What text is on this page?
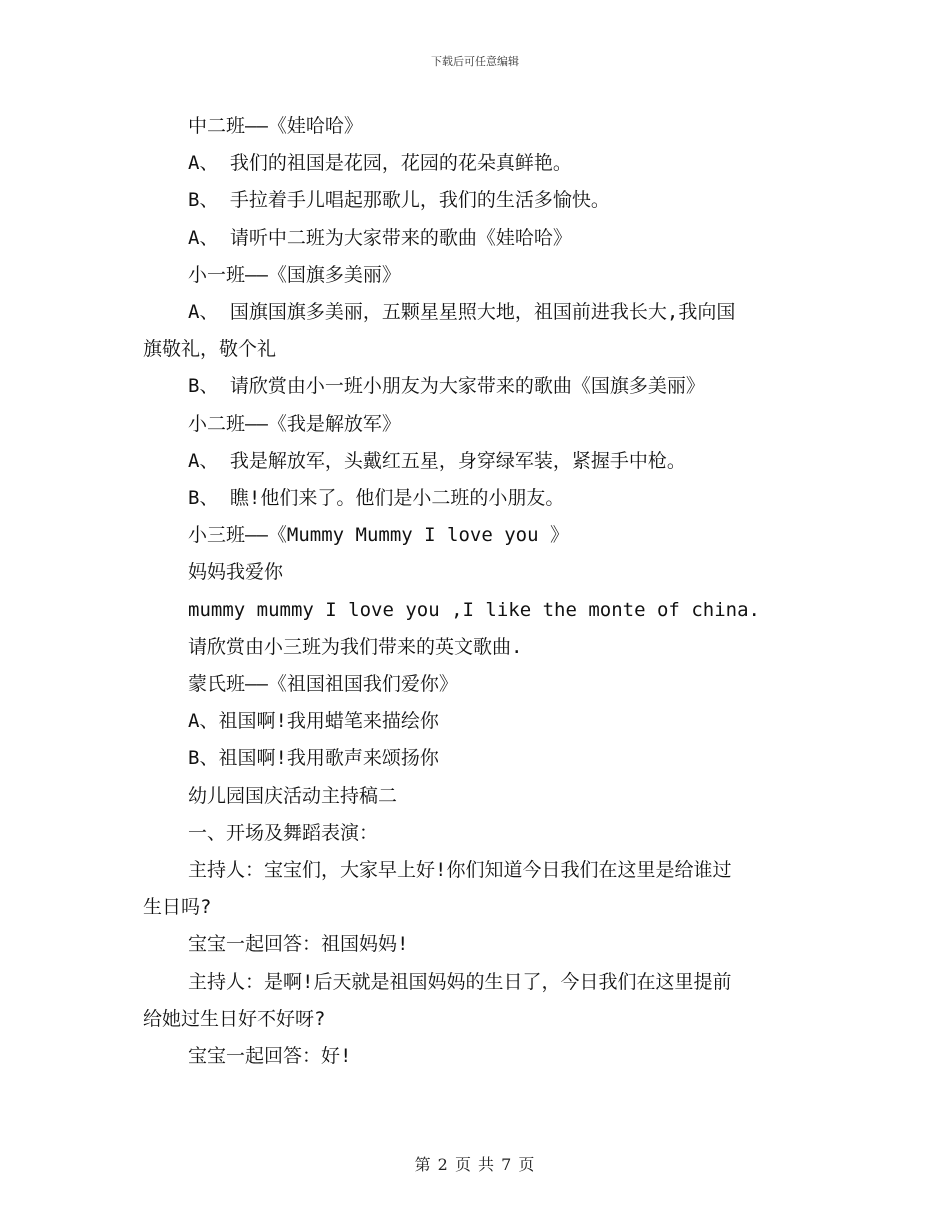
下载后可任意编辑
中二班——《娃哈哈》
A、 我们的祖国是花园，花园的花朵真鲜艳。
B、 手拉着手儿唱起那歌儿，我们的生活多愉快。
A、 请听中二班为大家带来的歌曲《娃哈哈》
小一班——《国旗多美丽》
A、 国旗国旗多美丽，五颗星星照大地，祖国前进我长大,我向国
旗敬礼，敬个礼
B、 请欣赏由小一班小朋友为大家带来的歌曲《国旗多美丽》
小二班——《我是解放军》
A、 我是解放军，头戴红五星，身穿绿军装，紧握手中枪。
B、 瞧!他们来了。他们是小二班的小朋友。
小三班——《Mummy Mummy I love you 》
妈妈我爱你
mummy mummy I love you ,I like the monte of china.
请欣赏由小三班为我们带来的英文歌曲.
蒙氏班——《祖国祖国我们爱你》
A、祖国啊!我用蜡笔来描绘你
B、祖国啊!我用歌声来颂扬你
幼儿园国庆活动主持稿二
一、开场及舞蹈表演：
主持人：宝宝们，大家早上好!你们知道今日我们在这里是给谁过
生日吗?
宝宝一起回答：祖国妈妈!
主持人：是啊!后天就是祖国妈妈的生日了，今日我们在这里提前
给她过生日好不好呀?
宝宝一起回答：好!
第 2 页 共 7 页
